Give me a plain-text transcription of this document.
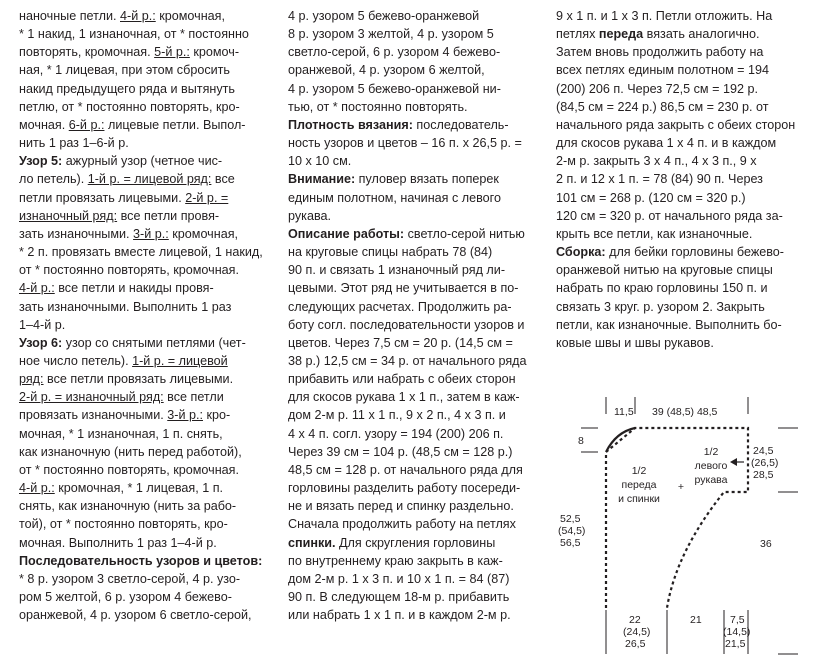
наночные петли. 4-й р.: кромочная,

* 1 накид, 1 изнаночная, от * постоянно

повторять, кромочная. 5-й р.: кромоч-

ная, * 1 лицевая, при этом сбросить

накид предыдущего ряда и вытянуть

петлю, от * постоянно повторять, кро-

мочная. 6-й р.: лицевые петли. Выпол-

нить 1 раз 1–6-й р.

Узор 5: ажурный узор (четное чис-

ло петель). 1-й р. = лицевой ряд: все

петли провязать лицевыми. 2-й р. =

изнаночный ряд: все петли провя-

зать изнаночными. 3-й р.: кромочная,

* 2 п. провязать вместе лицевой, 1 накид,

от * постоянно повторять, кромочная.

4-й р.: все петли и накиды провя-

зать изнаночными. Выполнить 1 раз

1–4-й р.

Узор 6: узор со снятыми петлями (чет-

ное число петель). 1-й р. = лицевой

ряд: все петли провязать лицевыми.

2-й р. = изнаночный ряд: все петли

провязать изнаночными. 3-й р.: кро-

мочная, * 1 изнаночная, 1 п. снять,

как изнаночную (нить перед работой),

от * постоянно повторять, кромочная.

4-й р.: кромочная, * 1 лицевая, 1 п.

снять, как изнаночную (нить за рабо-

той), от * постоянно повторять, кро-

мочная. Выполнить 1 раз 1–4-й р.

Последовательность узоров и цветов:

* 8 р. узором 3 светло-серой, 4 р. узо-

ром 5 желтой, 6 р. узором 4 бежево-

оранжевой, 4 р. узором 6 светло-серой,

4 р. узором 5 бежево-оранжевой

8 р. узором 3 желтой, 4 р. узором 5

светло-серой, 6 р. узором 4 бежево-

оранжевой, 4 р. узором 6 желтой,

4 р. узором 5 бежево-оранжевой ни-

тью, от * постоянно повторять.

Плотность вязания: последователь-

ность узоров и цветов – 16 п. х 26,5 р. =

10 х 10 см.

Внимание: пуловер вязать поперек

единым полотном, начиная с левого

рукава.

Описание работы: светло-серой нитью

на круговые спицы набрать 78 (84)

90 п. и связать 1 изнаночный ряд ли-

цевыми. Этот ряд не учитывается в по-

следующих расчетах. Продолжить ра-

боту согл. последовательности узоров и

цветов. Через 7,5 см = 20 р. (14,5 см =

38 р.) 12,5 см = 34 р. от начального ряда

прибавить или набрать с обеих сторон

для скосов рукава 1 х 1 п., затем в каж-

дом 2-м р. 11 х 1 п., 9 х 2 п., 4 х 3 п. и

4 х 4 п. согл. узору = 194 (200) 206 п.

Через 39 см = 104 р. (48,5 см = 128 р.)

48,5 см = 128 р. от начального ряда для

горловины разделить работу посереди-

не и вязать перед и спинку раздельно.

Сначала продолжить работу на петлях

спинки. Для скругления горловины

по внутреннему краю закрыть в каж-

дом 2-м р. 1 х 3 п. и 10 х 1 п. = 84 (87)

90 п. В следующем 18-м р. прибавить

или набрать 1 х 1 п. и в каждом 2-м р.

9 х 1 п. и 1 х 3 п. Петли отложить. На

петлях переда вязать аналогично.

Затем вновь продолжить работу на

всех петлях единым полотном = 194

(200) 206 п. Через 72,5 см = 192 р.

(84,5 см = 224 р.) 86,5 см = 230 р. от

начального ряда закрыть с обеих сторон

для скосов рукава 1 х 4 п. и в каждом

2-м р. закрыть 3 х 4 п., 4 х 3 п., 9 х

2 п. и 12 х 1 п. = 78 (84) 90 п. Через

101 см = 268 р. (120 см = 320 р.)

120 см = 320 р. от начального ряда за-

крыть все петли, как изнаночные.

Сборка: для бейки горловины бежево-

оранжевой нитью на круговые спицы

набрать по краю горловины 150 п. и

связать 3 круг. р. узором 2. Закрыть

петли, как изнаночные. Выполнить бо-

ковые швы и швы рукавов.

11,5 39 (48,5) 48,5
8
52,5
(54,5)
56,5
1/2
переда
и спинки
+
1/2
левого
рукава
24,5
(26,5)
28,5
36
22
(24,5)
26,5
21	7,5
(14,5)
21,5
